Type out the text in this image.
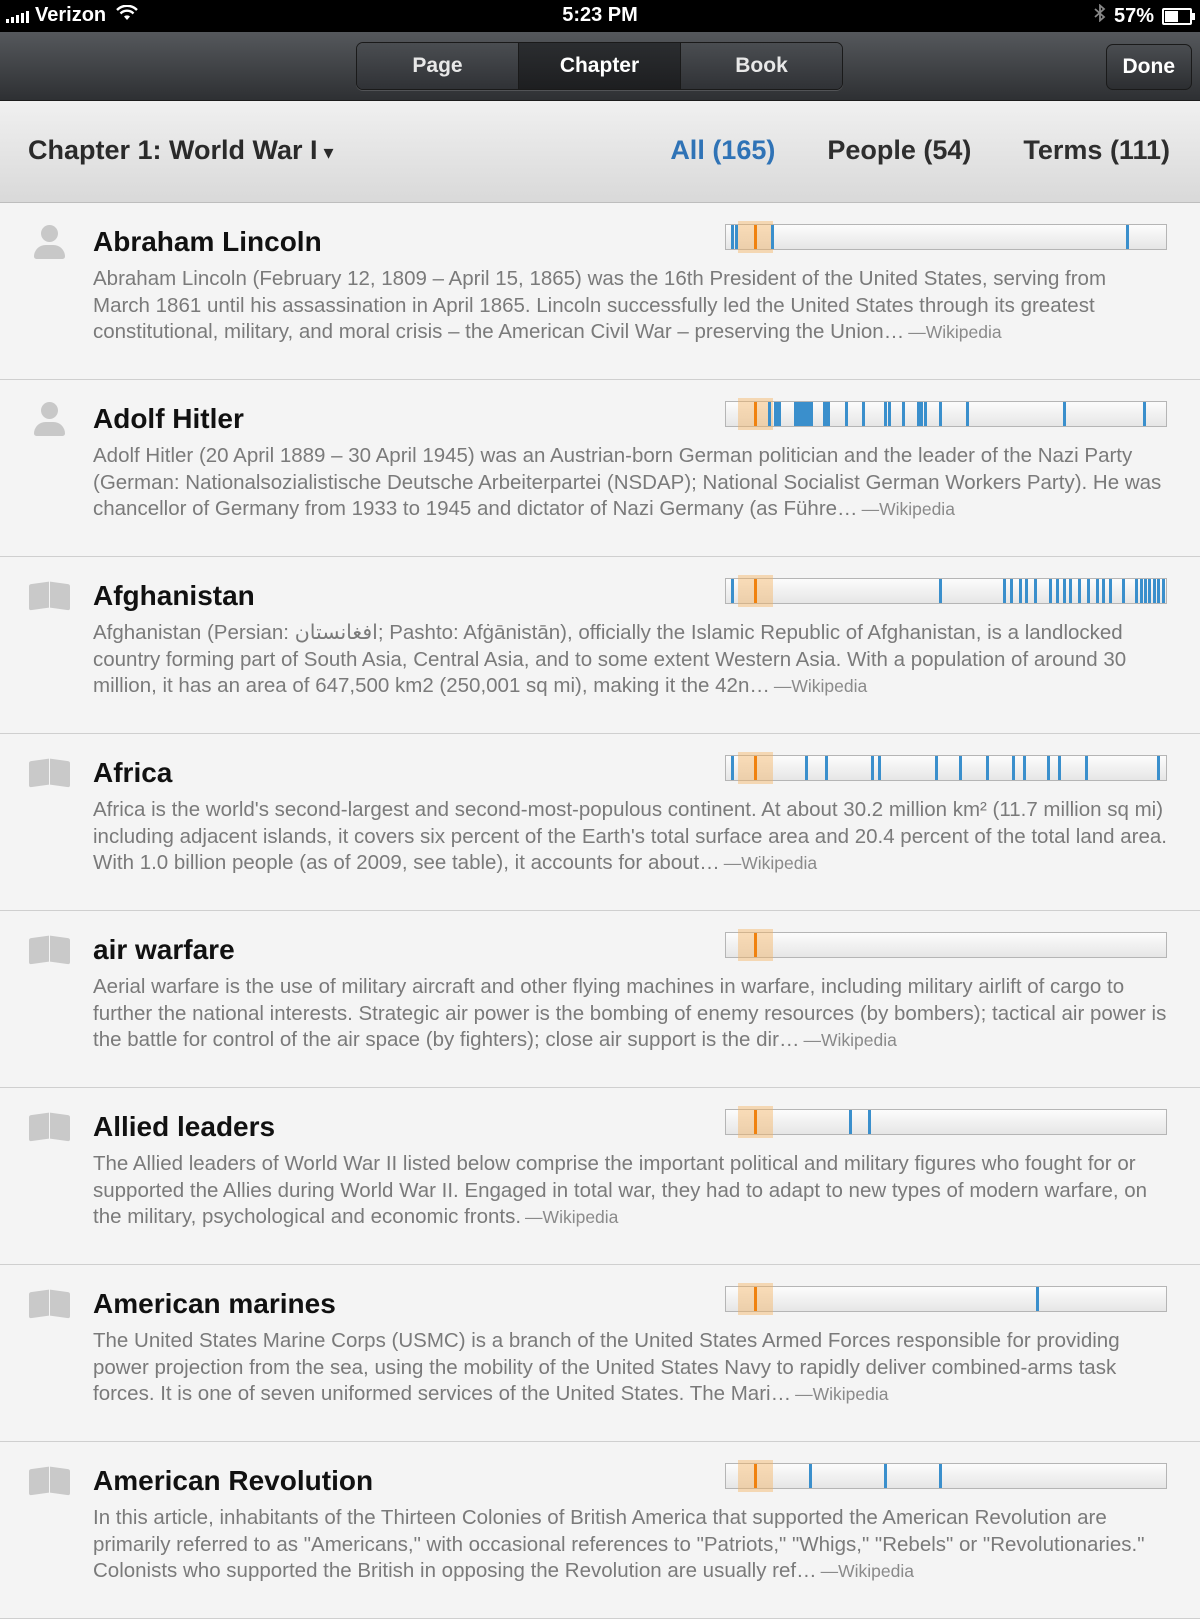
Verizon	5:23 PM	57%
Page	Chapter	Book	Done
Chapter 1: World War I ▾	All (165) People (54) Terms (111)
Abraham Lincoln
Abraham Lincoln (February 12, 1809 – April 15, 1865) was the 16th President of the United States, serving from March 1861 until his assassination in April 1865. Lincoln successfully led the United States through its greatest constitutional, military, and moral crisis – the American Civil War – preserving the Union… —Wikipedia
Adolf Hitler
Adolf Hitler (20 April 1889 – 30 April 1945) was an Austrian-born German politician and the leader of the Nazi Party (German: Nationalsozialistische Deutsche Arbeiterpartei (NSDAP); National Socialist German Workers Party). He was chancellor of Germany from 1933 to 1945 and dictator of Nazi Germany (as Führe… —Wikipedia
Afghanistan
Afghanistan (Persian: افغانستان; Pashto: Afġānistān), officially the Islamic Republic of Afghanistan, is a landlocked country forming part of South Asia, Central Asia, and to some extent Western Asia. With a population of around 30 million, it has an area of 647,500 km2 (250,001 sq mi), making it the 42n… —Wikipedia
Africa
Africa is the world's second-largest and second-most-populous continent. At about 30.2 million km² (11.7 million sq mi) including adjacent islands, it covers six percent of the Earth's total surface area and 20.4 percent of the total land area. With 1.0 billion people (as of 2009, see table), it accounts for about… —Wikipedia
air warfare
Aerial warfare is the use of military aircraft and other flying machines in warfare, including military airlift of cargo to further the national interests. Strategic air power is the bombing of enemy resources (by bombers); tactical air power is the battle for control of the air space (by fighters); close air support is the dir… —Wikipedia
Allied leaders
The Allied leaders of World War II listed below comprise the important political and military figures who fought for or supported the Allies during World War II. Engaged in total war, they had to adapt to new types of modern warfare, on the military, psychological and economic fronts. —Wikipedia
American marines
The United States Marine Corps (USMC) is a branch of the United States Armed Forces responsible for providing power projection from the sea, using the mobility of the United States Navy to rapidly deliver combined-arms task forces. It is one of seven uniformed services of the United States. The Mari… —Wikipedia
American Revolution
In this article, inhabitants of the Thirteen Colonies of British America that supported the American Revolution are primarily referred to as "Americans," with occasional references to "Patriots," "Whigs," "Rebels" or "Revolutionaries." Colonists who supported the British in opposing the Revolution are usually ref… —Wikipedia
